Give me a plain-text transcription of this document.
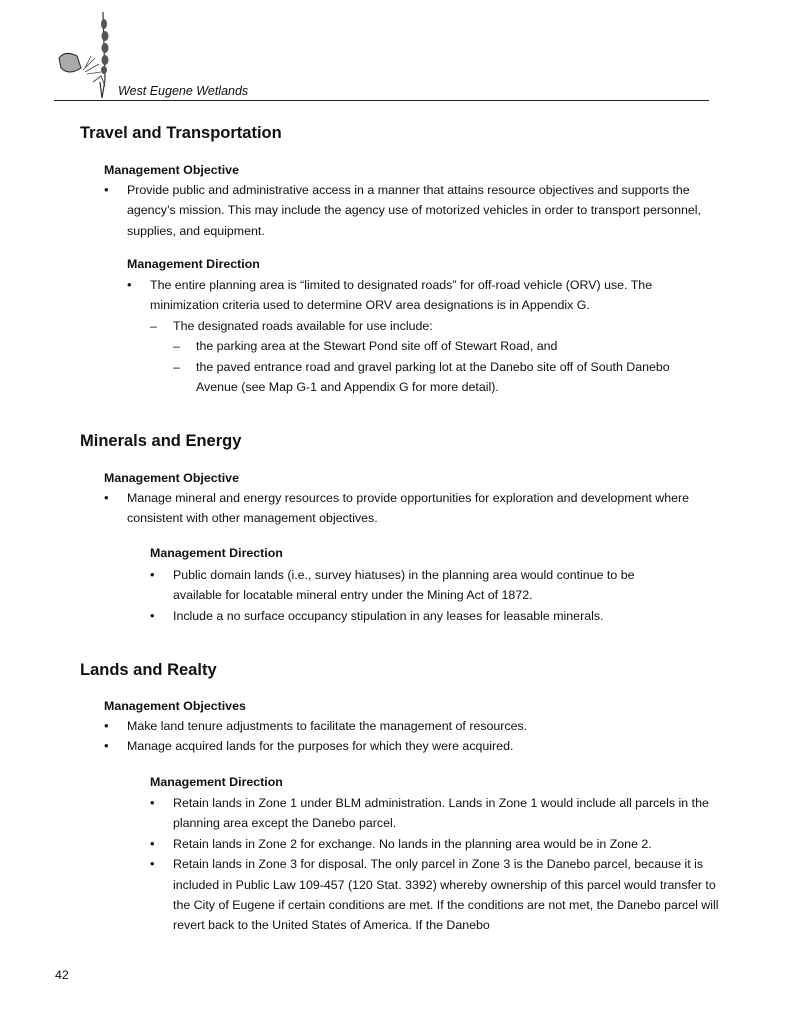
West Eugene Wetlands
Travel and Transportation
Management Objective
• Provide public and administrative access in a manner that attains resource objectives and supports the agency’s mission. This may include the agency use of motorized vehicles in order to transport personnel, supplies, and equipment.
Management Direction
• The entire planning area is “limited to designated roads” for off-road vehicle (ORV) use. The minimization criteria used to determine ORV area designations is in Appendix G.
– The designated roads available for use include:
– the parking area at the Stewart Pond site off of Stewart Road, and
– the paved entrance road and gravel parking lot at the Danebo site off of South Danebo Avenue (see Map G-1 and Appendix G for more detail).
Minerals and Energy
Management Objective
• Manage mineral and energy resources to provide opportunities for exploration and development where consistent with other management objectives.
Management Direction
• Public domain lands (i.e., survey hiatuses) in the planning area would continue to be available for locatable mineral entry under the Mining Act of 1872.
• Include a no surface occupancy stipulation in any leases for leasable minerals.
Lands and Realty
Management Objectives
• Make land tenure adjustments to facilitate the management of resources.
• Manage acquired lands for the purposes for which they were acquired.
Management Direction
• Retain lands in Zone 1 under BLM administration. Lands in Zone 1 would include all parcels in the planning area except the Danebo parcel.
• Retain lands in Zone 2 for exchange. No lands in the planning area would be in Zone 2.
• Retain lands in Zone 3 for disposal. The only parcel in Zone 3 is the Danebo parcel, because it is included in Public Law 109-457 (120 Stat. 3392) whereby ownership of this parcel would transfer to the City of Eugene if certain conditions are met. If the conditions are not met, the Danebo parcel will revert back to the United States of America. If the Danebo
42
